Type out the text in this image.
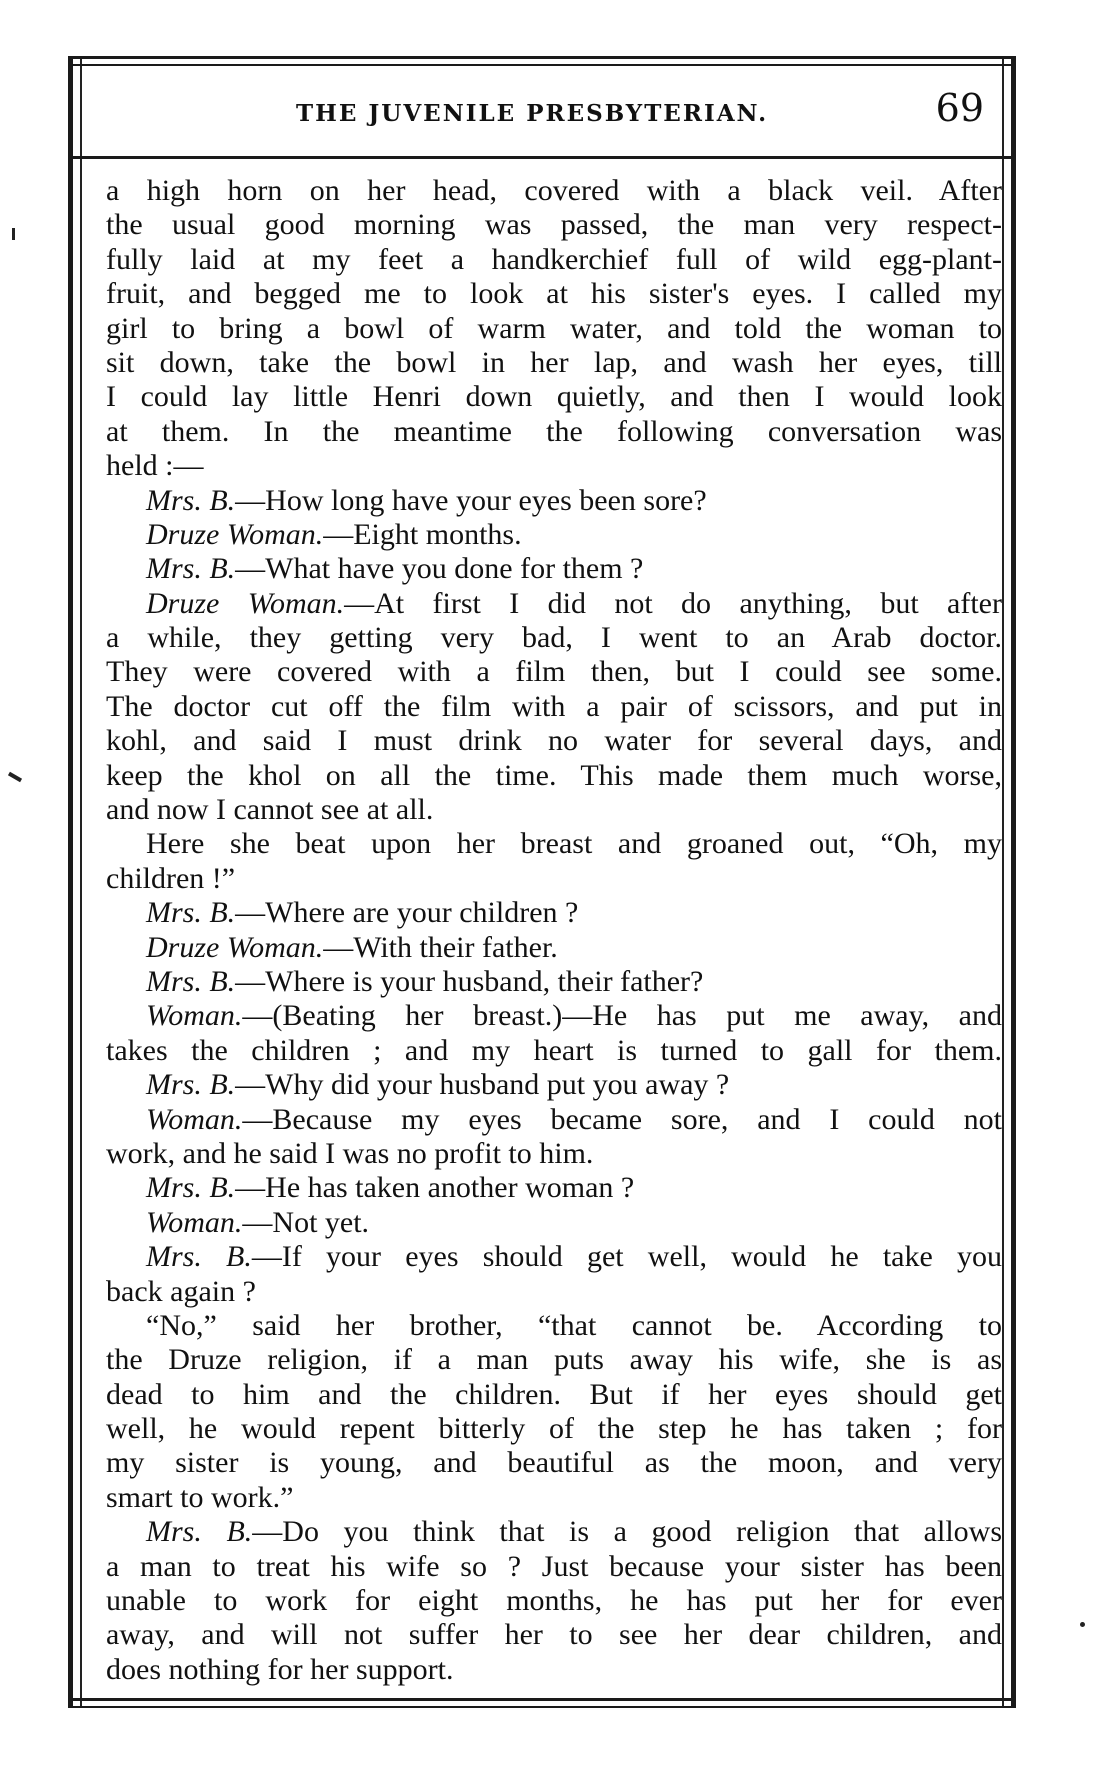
THE JUVENILE PRESBYTERIAN.	69
a high horn on her head, covered with a black veil. After
the usual good morning was passed, the man very respect-
fully laid at my feet a handkerchief full of wild egg-plant-
fruit, and begged me to look at his sister's eyes. I called my
girl to bring a bowl of warm water, and told the woman to
sit down, take the bowl in her lap, and wash her eyes, till
I could lay little Henri down quietly, and then I would look
at them. In the meantime the following conversation was
held :—
Mrs. B.—How long have your eyes been sore?
Druze Woman.—Eight months.
Mrs. B.—What have you done for them ?
Druze Woman.—At first I did not do anything, but after
a while, they getting very bad, I went to an Arab doctor.
They were covered with a film then, but I could see some.
The doctor cut off the film with a pair of scissors, and put in
kohl, and said I must drink no water for several days, and
keep the khol on all the time. This made them much worse,
and now I cannot see at all.
Here she beat upon her breast and groaned out, “Oh, my
children !”
Mrs. B.—Where are your children ?
Druze Woman.—With their father.
Mrs. B.—Where is your husband, their father?
Woman.—(Beating her breast.)—He has put me away, and
takes the children ; and my heart is turned to gall for them.
Mrs. B.—Why did your husband put you away ?
Woman.—Because my eyes became sore, and I could not
work, and he said I was no profit to him.
Mrs. B.—He has taken another woman ?
Woman.—Not yet.
Mrs. B.—If your eyes should get well, would he take you
back again ?
“No,” said her brother, “that cannot be. According to
the Druze religion, if a man puts away his wife, she is as
dead to him and the children. But if her eyes should get
well, he would repent bitterly of the step he has taken ; for
my sister is young, and beautiful as the moon, and very
smart to work.”
Mrs. B.—Do you think that is a good religion that allows
a man to treat his wife so ? Just because your sister has been
unable to work for eight months, he has put her for ever
away, and will not suffer her to see her dear children, and
does nothing for her support.
